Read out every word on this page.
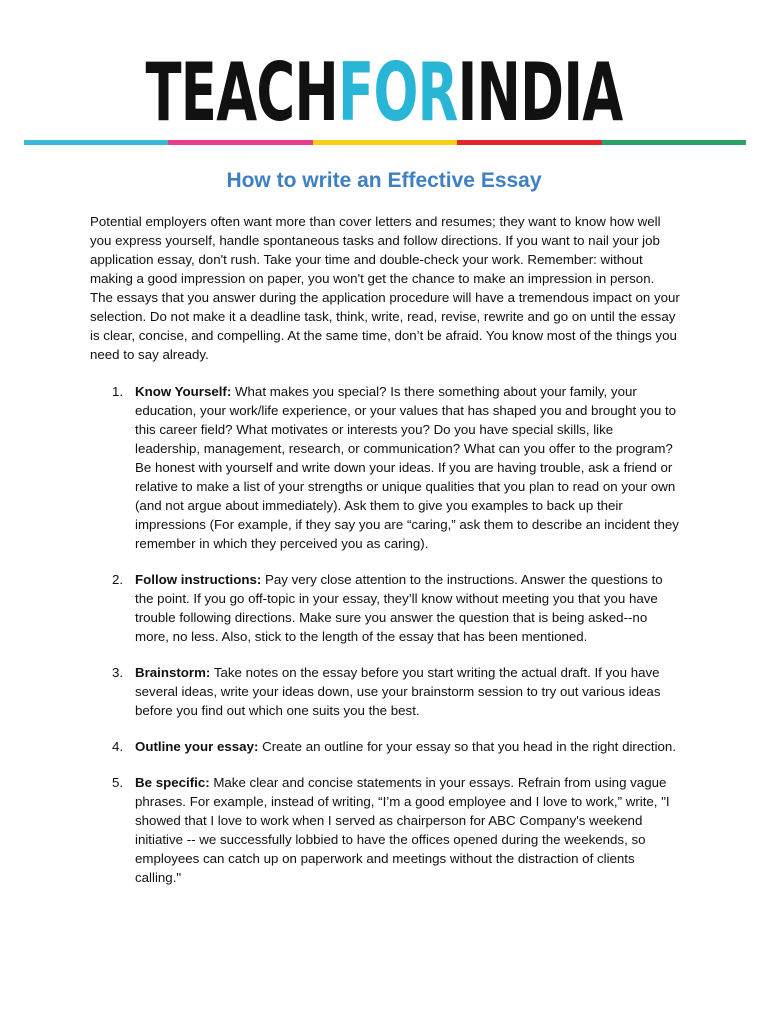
TEACHFORINDIA
How to write an Effective Essay

Potential employers often want more than cover letters and resumes; they want to know how well you express yourself, handle spontaneous tasks and follow directions. If you want to nail your job application essay, don't rush. Take your time and double-check your work. Remember: without making a good impression on paper, you won't get the chance to make an impression in person. The essays that you answer during the application procedure will have a tremendous impact on your selection. Do not make it a deadline task, think, write, read, revise, rewrite and go on until the essay is clear, concise, and compelling. At the same time, don’t be afraid. You know most of the things you need to say already.

1. Know Yourself: What makes you special? Is there something about your family, your education, your work/life experience, or your values that has shaped you and brought you to this career field? What motivates or interests you? Do you have special skills, like leadership, management, research, or communication? What can you offer to the program? Be honest with yourself and write down your ideas. If you are having trouble, ask a friend or relative to make a list of your strengths or unique qualities that you plan to read on your own (and not argue about immediately). Ask them to give you examples to back up their impressions (For example, if they say you are “caring,” ask them to describe an incident they remember in which they perceived you as caring).
2. Follow instructions: Pay very close attention to the instructions. Answer the questions to the point. If you go off-topic in your essay, they’ll know without meeting you that you have trouble following directions. Make sure you answer the question that is being asked--no more, no less. Also, stick to the length of the essay that has been mentioned.
3. Brainstorm: Take notes on the essay before you start writing the actual draft. If you have several ideas, write your ideas down, use your brainstorm session to try out various ideas before you find out which one suits you the best.
4. Outline your essay: Create an outline for your essay so that you head in the right direction.
5. Be specific: Make clear and concise statements in your essays. Refrain from using vague phrases. For example, instead of writing, “I’m a good employee and I love to work,” write, "I showed that I love to work when I served as chairperson for ABC Company's weekend initiative -- we successfully lobbied to have the offices opened during the weekends, so employees can catch up on paperwork and meetings without the distraction of clients calling."
